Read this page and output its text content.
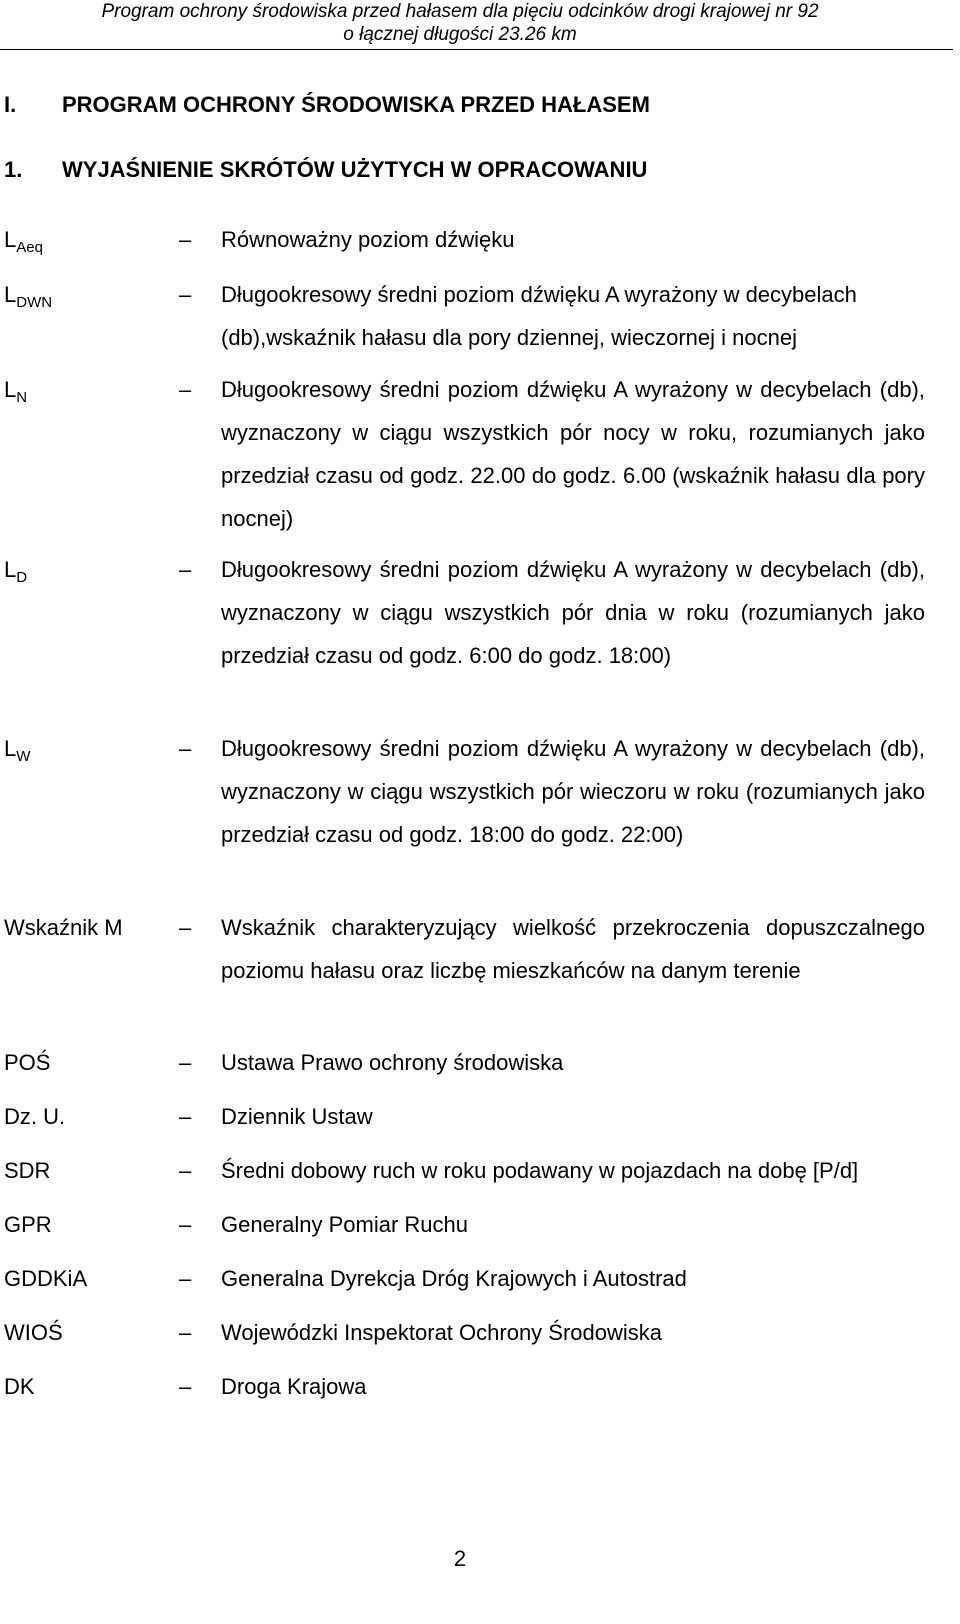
Program ochrony środowiska przed hałasem dla pięciu odcinków drogi krajowej nr 92
o łącznej długości 23.26 km
I. PROGRAM OCHRONY ŚRODOWISKA PRZED HAŁASEM
1. WYJAŚNIENIE SKRÓTÓW UŻYTYCH W OPRACOWANIU
$L_{Aeq}$	– Równoważny poziom dźwięku
$L_{DWN}$	– Długookresowy średni poziom dźwięku A wyrażony w decybelach (db),wskaźnik hałasu dla pory dziennej, wieczornej i nocnej
$L_N$	– Długookresowy średni poziom dźwięku A wyrażony w decybelach (db), wyznaczony w ciągu wszystkich pór nocy w roku, rozumianych jako przedział czasu od godz. 22.00 do godz. 6.00 (wskaźnik hałasu dla pory nocnej)
$L_D$	– Długookresowy średni poziom dźwięku A wyrażony w decybelach (db), wyznaczony w ciągu wszystkich pór dnia w roku (rozumianych jako przedział czasu od godz. 6:00 do godz. 18:00)
$L_W$	– Długookresowy średni poziom dźwięku A wyrażony w decybelach (db), wyznaczony w ciągu wszystkich pór wieczoru w roku (rozumianych jako przedział czasu od godz. 18:00 do godz. 22:00)
Wskaźnik M	– Wskaźnik charakteryzujący wielkość przekroczenia dopuszczalnego poziomu hałasu oraz liczbę mieszkańców na danym terenie
POŚ	– Ustawa Prawo ochrony środowiska
Dz. U.	– Dziennik Ustaw
SDR	– Średni dobowy ruch w roku podawany w pojazdach na dobę [P/d]
GPR	– Generalny Pomiar Ruchu
GDDKiA	– Generalna Dyrekcja Dróg Krajowych i Autostrad
WIOŚ	– Wojewódzki Inspektorat Ochrony Środowiska
DK	– Droga Krajowa
2
